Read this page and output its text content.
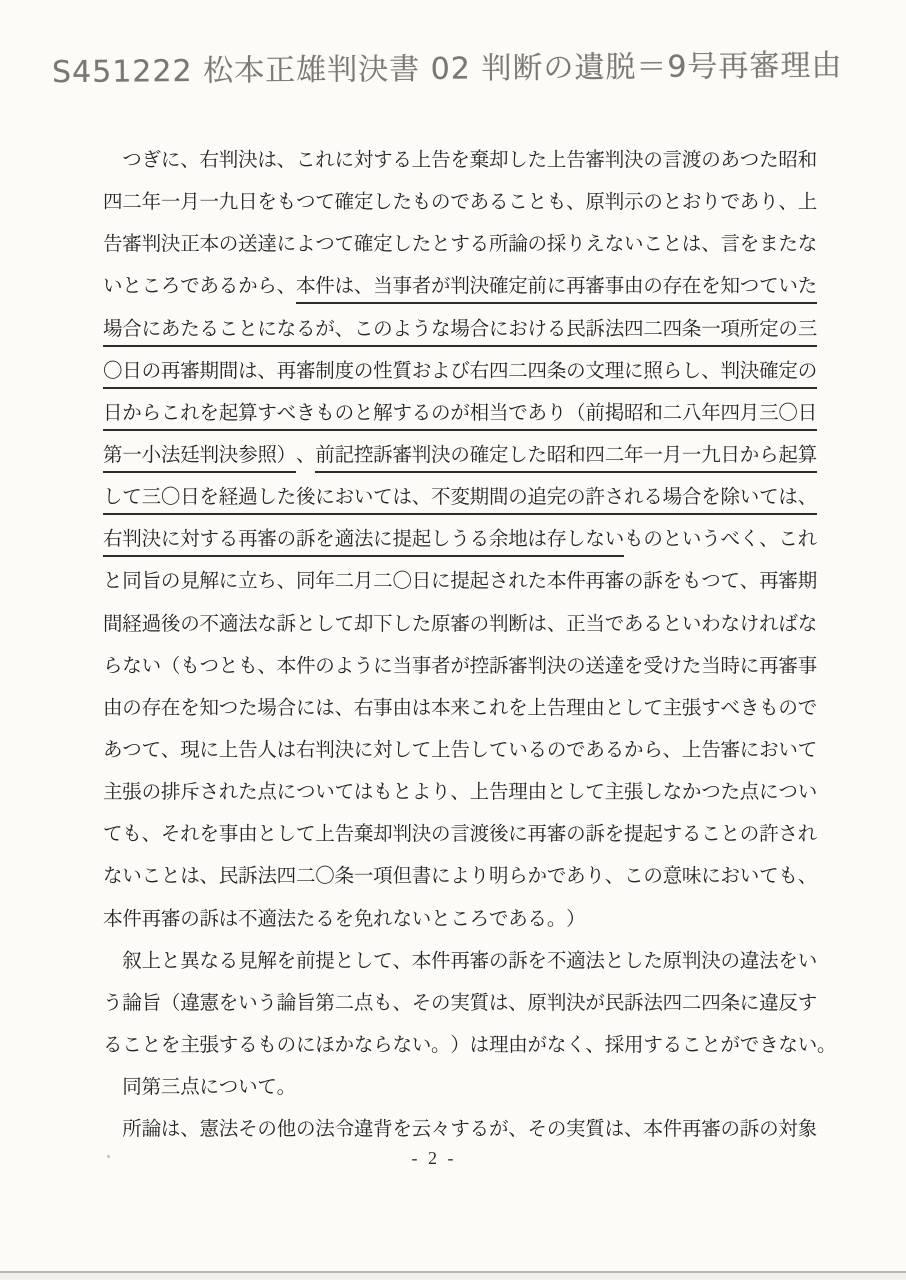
S451222 松本正雄判決書 02 判断の遺脱＝9号再審理由
　つぎに、右判決は、これに対する上告を棄却した上告審判決の言渡のあつた昭和
四二年一月一九日をもつて確定したものであることも、原判示のとおりであり、上
告審判決正本の送達によつて確定したとする所論の採りえないことは、言をまたな
いところであるから、本件は、当事者が判決確定前に再審事由の存在を知つていた
場合にあたることになるが、このような場合における民訴法四二四条一項所定の三
〇日の再審期間は、再審制度の性質および右四二四条の文理に照らし、判決確定の
日からこれを起算すべきものと解するのが相当であり（前掲昭和二八年四月三〇日
第一小法廷判決参照）、前記控訴審判決の確定した昭和四二年一月一九日から起算
して三〇日を経過した後においては、不変期間の追完の許される場合を除いては、
右判決に対する再審の訴を適法に提起しうる余地は存しないものというべく、これ
と同旨の見解に立ち、同年二月二〇日に提起された本件再審の訴をもつて、再審期
間経過後の不適法な訴として却下した原審の判断は、正当であるといわなければな
らない（もつとも、本件のように当事者が控訴審判決の送達を受けた当時に再審事
由の存在を知つた場合には、右事由は本来これを上告理由として主張すべきもので
あつて、現に上告人は右判決に対して上告しているのであるから、上告審において
主張の排斥された点についてはもとより、上告理由として主張しなかつた点につい
ても、それを事由として上告棄却判決の言渡後に再審の訴を提起することの許され
ないことは、民訴法四二〇条一項但書により明らかであり、この意味においても、
本件再審の訴は不適法たるを免れないところである。）
　叙上と異なる見解を前提として、本件再審の訴を不適法とした原判決の違法をい
う論旨（違憲をいう論旨第二点も、その実質は、原判決が民訴法四二四条に違反す
ることを主張するものにほかならない。）は理由がなく、採用することができない。
　同第三点について。
　所論は、憲法その他の法令違背を云々するが、その実質は、本件再審の訴の対象
- 2 -
